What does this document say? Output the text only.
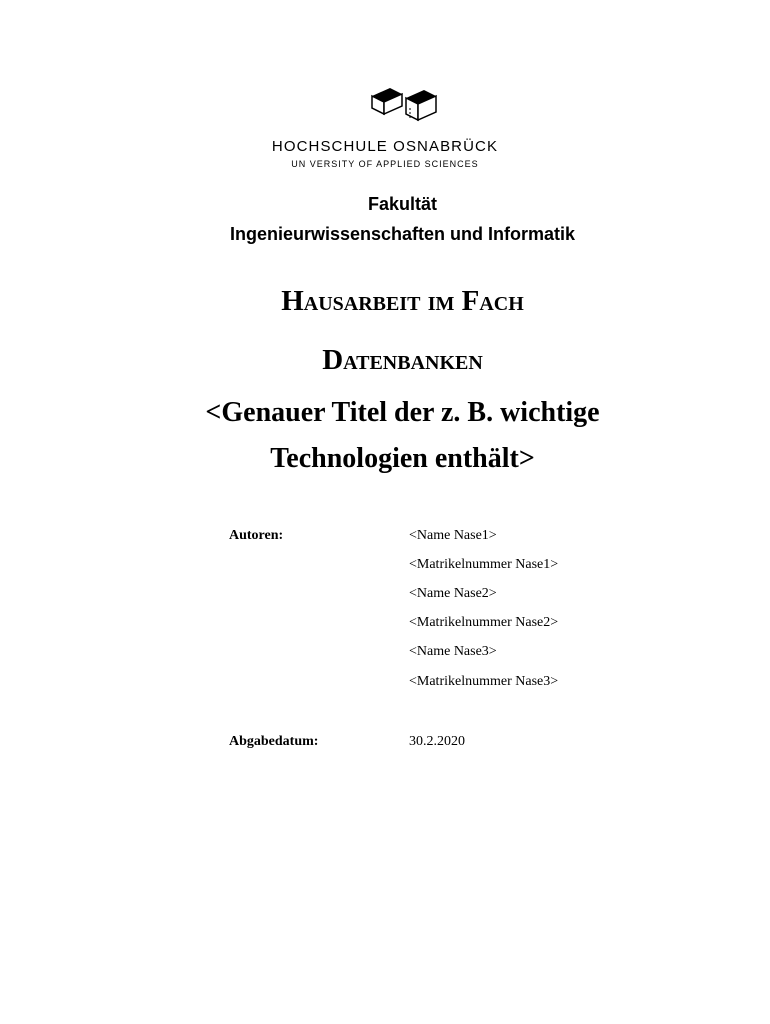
HOCHSCHULE OSNABRÜCK
UN VERSITY OF APPLIED SCIENCES
Fakultät
Ingenieurwissenschaften und Informatik
Hausarbeit im Fach
Datenbanken
<Genauer Titel der z. B. wichtige
Technologien enthält>
Autoren:	<Name Nase1>
<Matrikelnummer Nase1>
<Name Nase2>
<Matrikelnummer Nase2>
<Name Nase3>
<Matrikelnummer Nase3>
Abgabedatum:	30.2.2020
